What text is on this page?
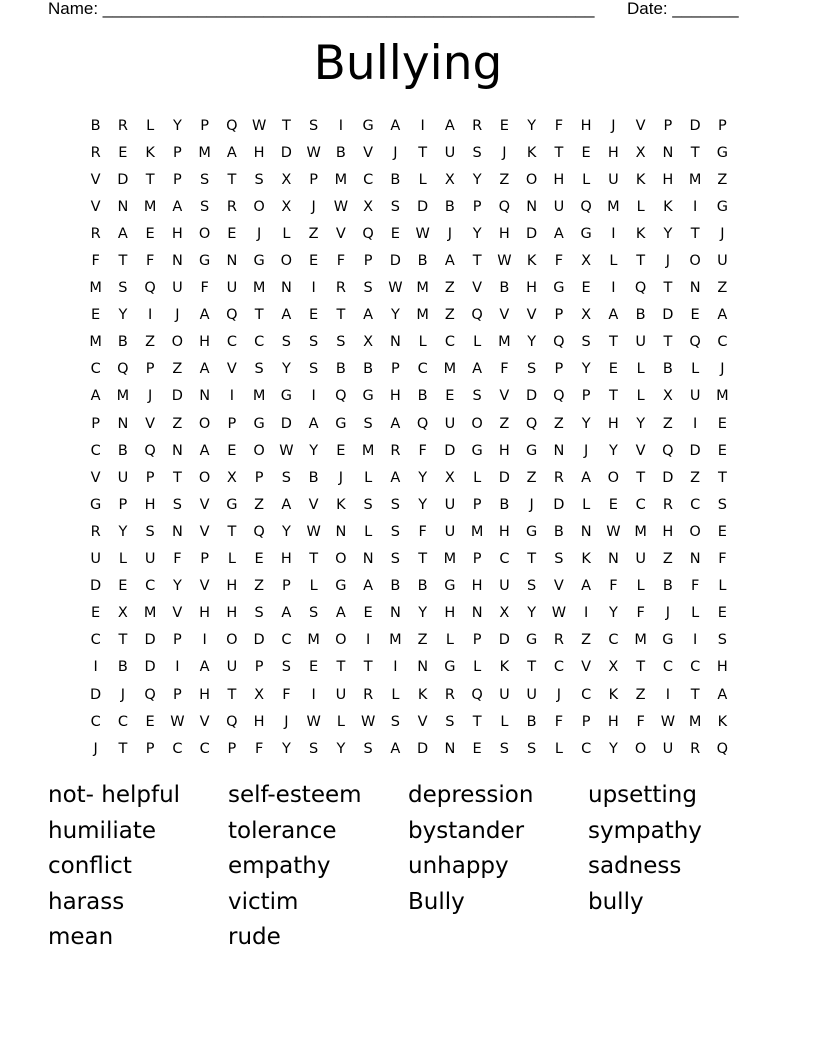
Name: ____________________________________________________ Date: _______
Bullying
B	R	L	Y	P	Q W	T	S	I	G	A	I	A	R	E	Y	F	H	J	V	P	D	P
R	E	K	P	M	A	H	D	W	B	V	J	T	U	S	J	K	T	E	H	X	N	T	G
V	D	T	P	S	T	S	X	P	M	C	B	L	X	Y	Z	O	H	L	U	K	H	M	Z
V	N	M	A	S	R	O	X	J	W	X	S	D	B	P	Q	N	U	Q	M	L	K	I	G
R	A	E	H	O	E	J	L	Z	V	Q	E	W	J	Y	H	D	A	G	I	K	Y	T	J
F	T	F	N	G	N	G	O	E	F	P	D	B	A	T	W	K	F	X	L	T	J	O	U
M	S	Q	U	F	U	M	N	I	R	S	W M	Z	V	B	H	G	E	I	Q	T	N	Z
E	Y	I	J	A	Q	T	A	E	T	A	Y	M	Z	Q	V	V	P	X	A	B	D	E	A
M	B	Z	O	H	C	C	S	S	S	X	N	L	C	L	M	Y	Q	S	T	U	T	Q	C
C	Q	P	Z	A	V	S	Y	S	B	B	P	C	M	A	F	S	P	Y	E	L	B	L	J
A	M	J	D	N	I	M	G	I	Q	G	H	B	E	S	V	D	Q	P	T	L	X	U	M
P	N	V	Z	O	P	G	D	A	G	S	A	Q	U	O	Z	Q	Z	Y	H	Y	Z	I	E
C	B	Q	N	A	E	O W	Y	E	M	R	F	D	G	H	G	N	J	Y	V	Q	D	E
V	U	P	T	O	X	P	S	B	J	L	A	Y	X	L	D	Z	R	A	O	T	D	Z	T
G	P	H	S	V	G	Z	A	V	K	S	S	Y	U	P	B	J	D	L	E	C	R	C	S
R	Y	S	N	V	T	Q	Y	W	N	L	S	F	U	M	H	G	B	N	W M	H	O	E
U	L	U	F	P	L	E	H	T	O	N	S	T	M	P	C	T	S	K	N	U	Z	N	F
D	E	C	Y	V	H	Z	P	L	G	A	B	B	G	H	U	S	V	A	F	L	B	F	L
E	X	M	V	H	H	S	A	S	A	E	N	Y	H	N	X	Y	W	I	Y	F	J	L	E
C	T	D	P	I	O	D	C	M	O	I	M	Z	L	P	D	G	R	Z	C	M	G	I	S
I	B	D	I	A	U	P	S	E	T	T	I	N	G	L	K	T	C	V	X	T	C	C	H
D	J	Q	P	H	T	X	F	I	U	R	L	K	R	Q	U	U	J	C	K	Z	I	T	A
C	C	E	W	V	Q	H	J	W	L	W	S	V	S	T	L	B	F	P	H	F	W M	K
J	T	P	C	C	P	F	Y	S	Y	S	A	D	N	E	S	S	L	C	Y	O	U	R	Q
not- helpful	self-esteem	depression	upsetting
humiliate	tolerance	bystander	sympathy
conflict	empathy	unhappy	sadness
harass	victim	Bully	bully
mean	rude
